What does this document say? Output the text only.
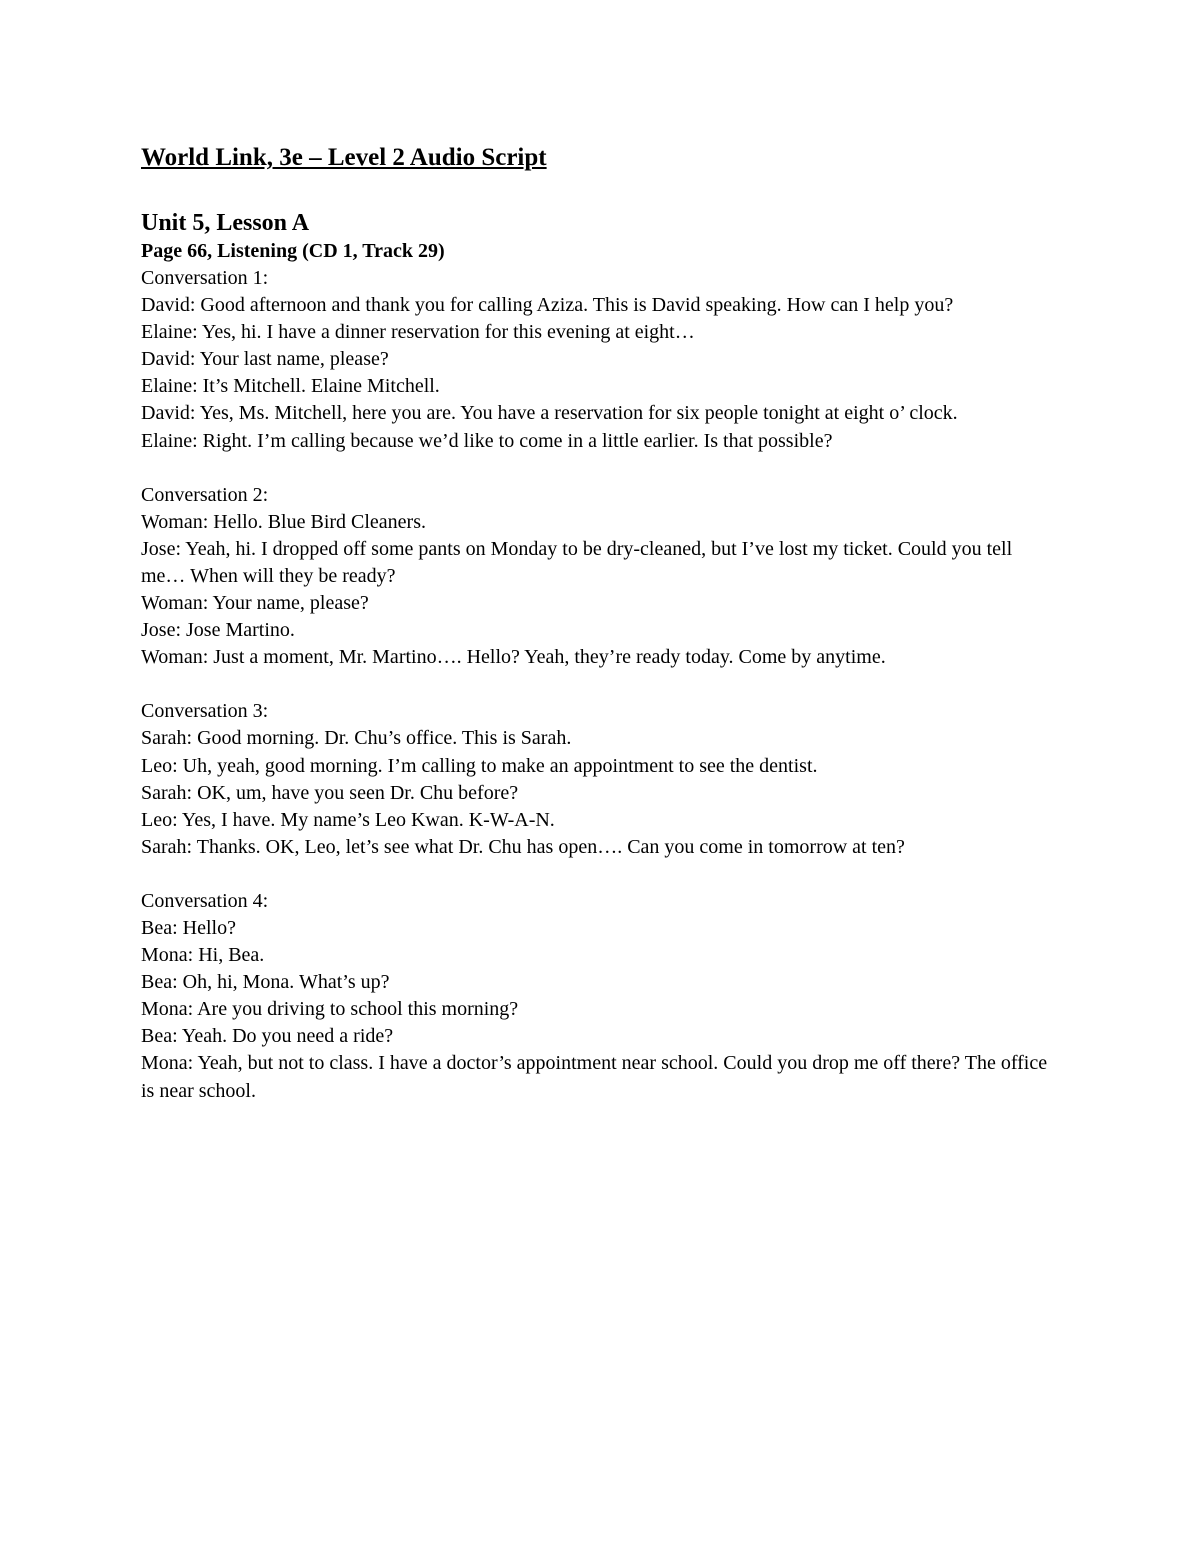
World Link, 3e – Level 2 Audio Script
Unit 5, Lesson A
Page 66, Listening (CD 1, Track 29)
Conversation 1:
David: Good afternoon and thank you for calling Aziza. This is David speaking. How can I help you?
Elaine: Yes, hi. I have a dinner reservation for this evening at eight…
David: Your last name, please?
Elaine: It’s Mitchell. Elaine Mitchell.
David: Yes, Ms. Mitchell, here you are. You have a reservation for six people tonight at eight o’ clock.
Elaine: Right. I’m calling because we’d like to come in a little earlier. Is that possible?
Conversation 2:
Woman: Hello. Blue Bird Cleaners.
Jose: Yeah, hi. I dropped off some pants on Monday to be dry-cleaned, but I’ve lost my ticket. Could you tell me… When will they be ready?
Woman: Your name, please?
Jose: Jose Martino.
Woman: Just a moment, Mr. Martino…. Hello? Yeah, they’re ready today. Come by anytime.
Conversation 3:
Sarah: Good morning. Dr. Chu’s office. This is Sarah.
Leo: Uh, yeah, good morning. I’m calling to make an appointment to see the dentist.
Sarah: OK, um, have you seen Dr. Chu before?
Leo: Yes, I have. My name’s Leo Kwan. K-W-A-N.
Sarah: Thanks. OK, Leo, let’s see what Dr. Chu has open…. Can you come in tomorrow at ten?
Conversation 4:
Bea: Hello?
Mona: Hi, Bea.
Bea: Oh, hi, Mona. What’s up?
Mona: Are you driving to school this morning?
Bea: Yeah. Do you need a ride?
Mona: Yeah, but not to class. I have a doctor’s appointment near school. Could you drop me off there? The office is near school.
